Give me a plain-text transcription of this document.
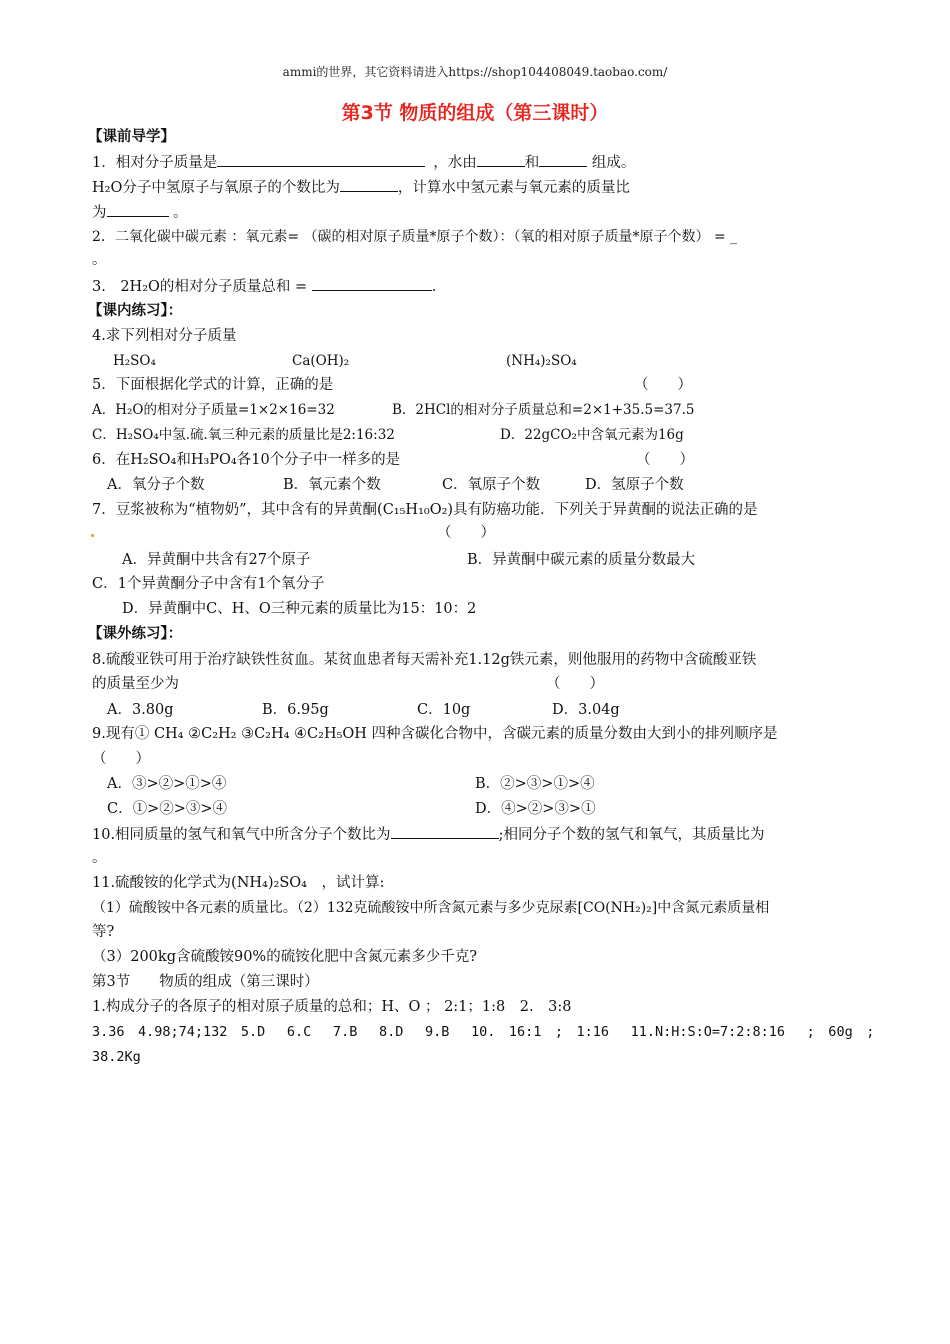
ammi的世界，其它资料请进入https://shop104408049.taobao.com/
第3节 物质的组成（第三课时）
【课前导学】
1．相对分子质量是	，水由	和	组成。
H₂O分子中氢原子与氧原子的个数比为	，计算水中氢元素与氧元素的质量比
为	。
2．二氧化碳中碳元素 ：氧元素= （碳的相对原子质量*原子个数）：（氧的相对原子质量*原子个数） = _
。
3.　2H₂O的相对分子质量总和 =	.
【课内练习】：
4.求下列相对分子质量
H₂SO₄	Ca(OH)₂	(NH₄)₂SO₄
5．下面根据化学式的计算，正确的是	（　　）
A．H₂O的相对分子质量=1×2×16=32	B．2HCl的相对分子质量总和=2×1+35.5=37.5
C．H₂SO₄中氢.硫.氧三种元素的质量比是2:16:32	D．22gCO₂中含氧元素为16g
6．在H₂SO₄和H₃PO₄各10个分子中一样多的是	（　　）
A．氧分子个数	B．氧元素个数	C．氧原子个数	D．氢原子个数
7．豆浆被称为“植物奶”，其中含有的异黄酮(C₁₅H₁₀O₂)具有防癌功能．下列关于异黄酮的说法正确的是
（　　）
A．异黄酮中共含有27个原子	B．异黄酮中碳元素的质量分数最大
C．1个异黄酮分子中含有1个氧分子
D．异黄酮中C、H、O三种元素的质量比为15：10：2
【课外练习】：
8.硫酸亚铁可用于治疗缺铁性贫血。某贫血患者每天需补充1.12g铁元素，则他服用的药物中含硫酸亚铁
的质量至少为	（　　）
A．3.80g	B．6.95g	C．10g	D．3.04g
9.现有① CH₄ ②C₂H₂ ③C₂H₄ ④C₂H₅OH 四种含碳化合物中，含碳元素的质量分数由大到小的排列顺序是
（　　）
A．③>②>①>④	B．②>③>①>④
C．①>②>③>④	D．④>②>③>①
10.相同质量的氢气和氧气中所含分子个数比为	;相同分子个数的氢气和氧气，其质量比为
。
11.硫酸铵的化学式为(NH₄)₂SO₄　，试计算:
（1）硫酸铵中各元素的质量比。（2）132克硫酸铵中所含氮元素与多少克尿素[CO(NH₂)₂]中含氮元素质量相
等?
（3）200kg含硫酸铵90%的硫铵化肥中含氮元素多少千克?
第3节　　物质的组成（第三课时）
1.构成分子的各原子的相对原子质量的总和；H、O ； 2:1；1:8　2.　3:8
3.36　4.98;74;132　5.D　 6.C　 7.B　 8.D　 9.B　 10.　16:1　;　1:16　 11.N:H:S:O=7:2:8:16　 ;　60g　;
38.2Kg
